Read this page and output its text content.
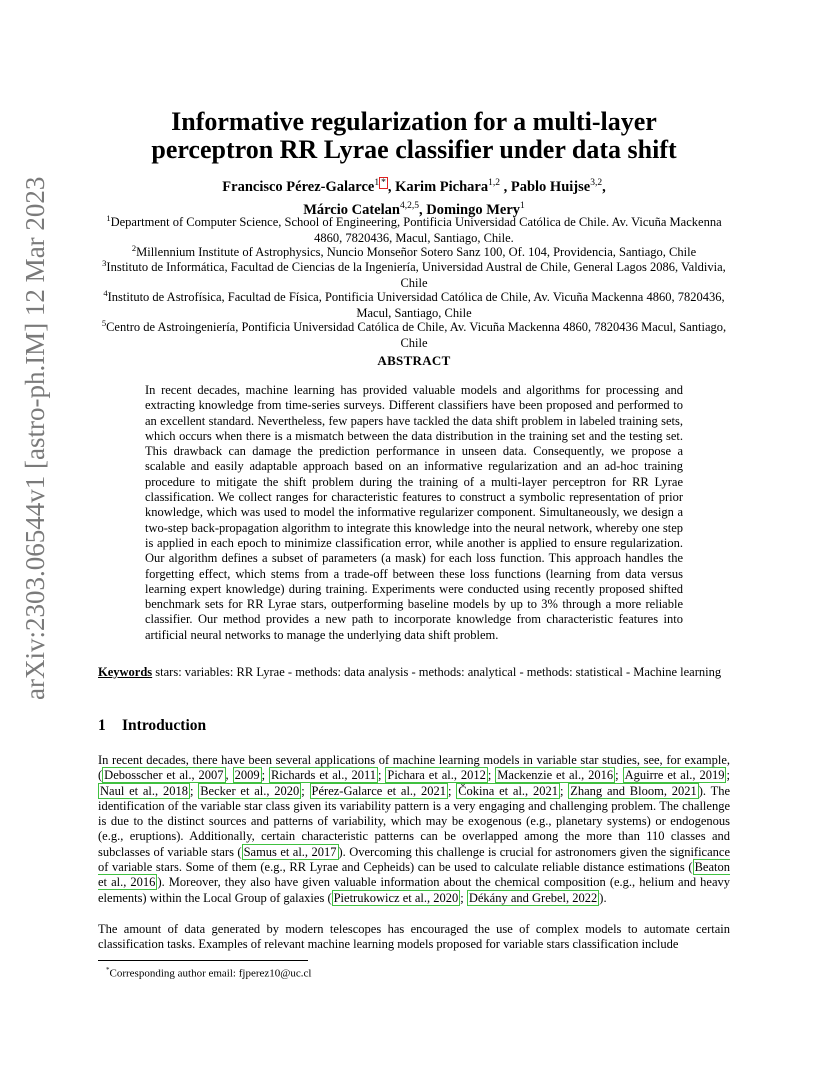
arXiv:2303.06544v1 [astro-ph.IM] 12 Mar 2023
Informative regularization for a multi-layer
perceptron RR Lyrae classifier under data shift
Francisco Pérez-Galarce$^{1 *}$ , Karim Pichara$^{1,2}$ , Pablo Huijse$^{3,2}$,
Márcio Catelan$^{4,2,5}$, Domingo Mery$^1$
$^1$Department of Computer Science, School of Engineering, Pontificia Universidad Católica de Chile. Av. Vicuña Mackenna 4860, 7820436, Macul, Santiago, Chile.
$^2$Millennium Institute of Astrophysics, Nuncio Monseñor Sotero Sanz 100, Of. 104, Providencia, Santiago, Chile
$^3$Instituto de Informática, Facultad de Ciencias de la Ingeniería, Universidad Austral de Chile, General Lagos 2086, Valdivia, Chile
$^4$Instituto de Astrofísica, Facultad de Física, Pontificia Universidad Católica de Chile, Av. Vicuña Mackenna 4860, 7820436, Macul, Santiago, Chile
$^5$Centro de Astroingeniería, Pontificia Universidad Católica de Chile, Av. Vicuña Mackenna 4860, 7820436 Macul, Santiago, Chile
ABSTRACT
In recent decades, machine learning has provided valuable models and algorithms for processing and extracting knowledge from time-series surveys. Different classifiers have been proposed and performed to an excellent standard. Nevertheless, few papers have tackled the data shift problem in labeled training sets, which occurs when there is a mismatch between the data distribution in the training set and the testing set. This drawback can damage the prediction performance in unseen data. Consequently, we propose a scalable and easily adaptable approach based on an informative regularization and an ad-hoc training procedure to mitigate the shift problem during the training of a multi-layer perceptron for RR Lyrae classification. We collect ranges for characteristic features to construct a symbolic representation of prior knowledge, which was used to model the informative regularizer component. Simultaneously, we design a two-step back-propagation algorithm to integrate this knowledge into the neural network, whereby one step is applied in each epoch to minimize classification error, while another is applied to ensure regularization. Our algorithm defines a subset of parameters (a mask) for each loss function. This approach handles the forgetting effect, which stems from a trade-off between these loss functions (learning from data versus learning expert knowledge) during training. Experiments were conducted using recently proposed shifted benchmark sets for RR Lyrae stars, outperforming baseline models by up to 3% through a more reliable classifier. Our method provides a new path to incorporate knowledge from characteristic features into artificial neural networks to manage the underlying data shift problem.
Keywords stars: variables: RR Lyrae - methods: data analysis - methods: analytical - methods: statistical - Machine learning
1 Introduction
In recent decades, there have been several applications of machine learning models in variable star studies, see, for example, ( Debosscher et al., 2007 , 2009 ; Richards et al., 2011 ; Pichara et al., 2012 ; Mackenzie et al., 2016 ; Aguirre et al., 2019 ; Naul et al., 2018 ; Becker et al., 2020 ; Pérez-Galarce et al., 2021 ; Čokina et al., 2021 ; Zhang and Bloom, 2021 ). The identification of the variable star class given its variability pattern is a very engaging and challenging problem. The challenge is due to the distinct sources and patterns of variability, which may be exogenous (e.g., planetary systems) or endogenous (e.g., eruptions). Additionally, certain characteristic patterns can be overlapped among the more than 110 classes and subclasses of variable stars ( Samus et al., 2017 ). Overcoming this challenge is crucial for astronomers given the significance of variable stars. Some of them (e.g., RR Lyrae and Cepheids) can be used to calculate reliable distance estimations ( Beaton et al., 2016 ). Moreover, they also have given valuable information about the chemical composition (e.g., helium and heavy elements) within the Local Group of galaxies ( Pietrukowicz et al., 2020 ; Dékány and Grebel, 2022 ).
The amount of data generated by modern telescopes has encouraged the use of complex models to automate certain classification tasks. Examples of relevant machine learning models proposed for variable stars classification include
*Corresponding author email: fjperez10@uc.cl
